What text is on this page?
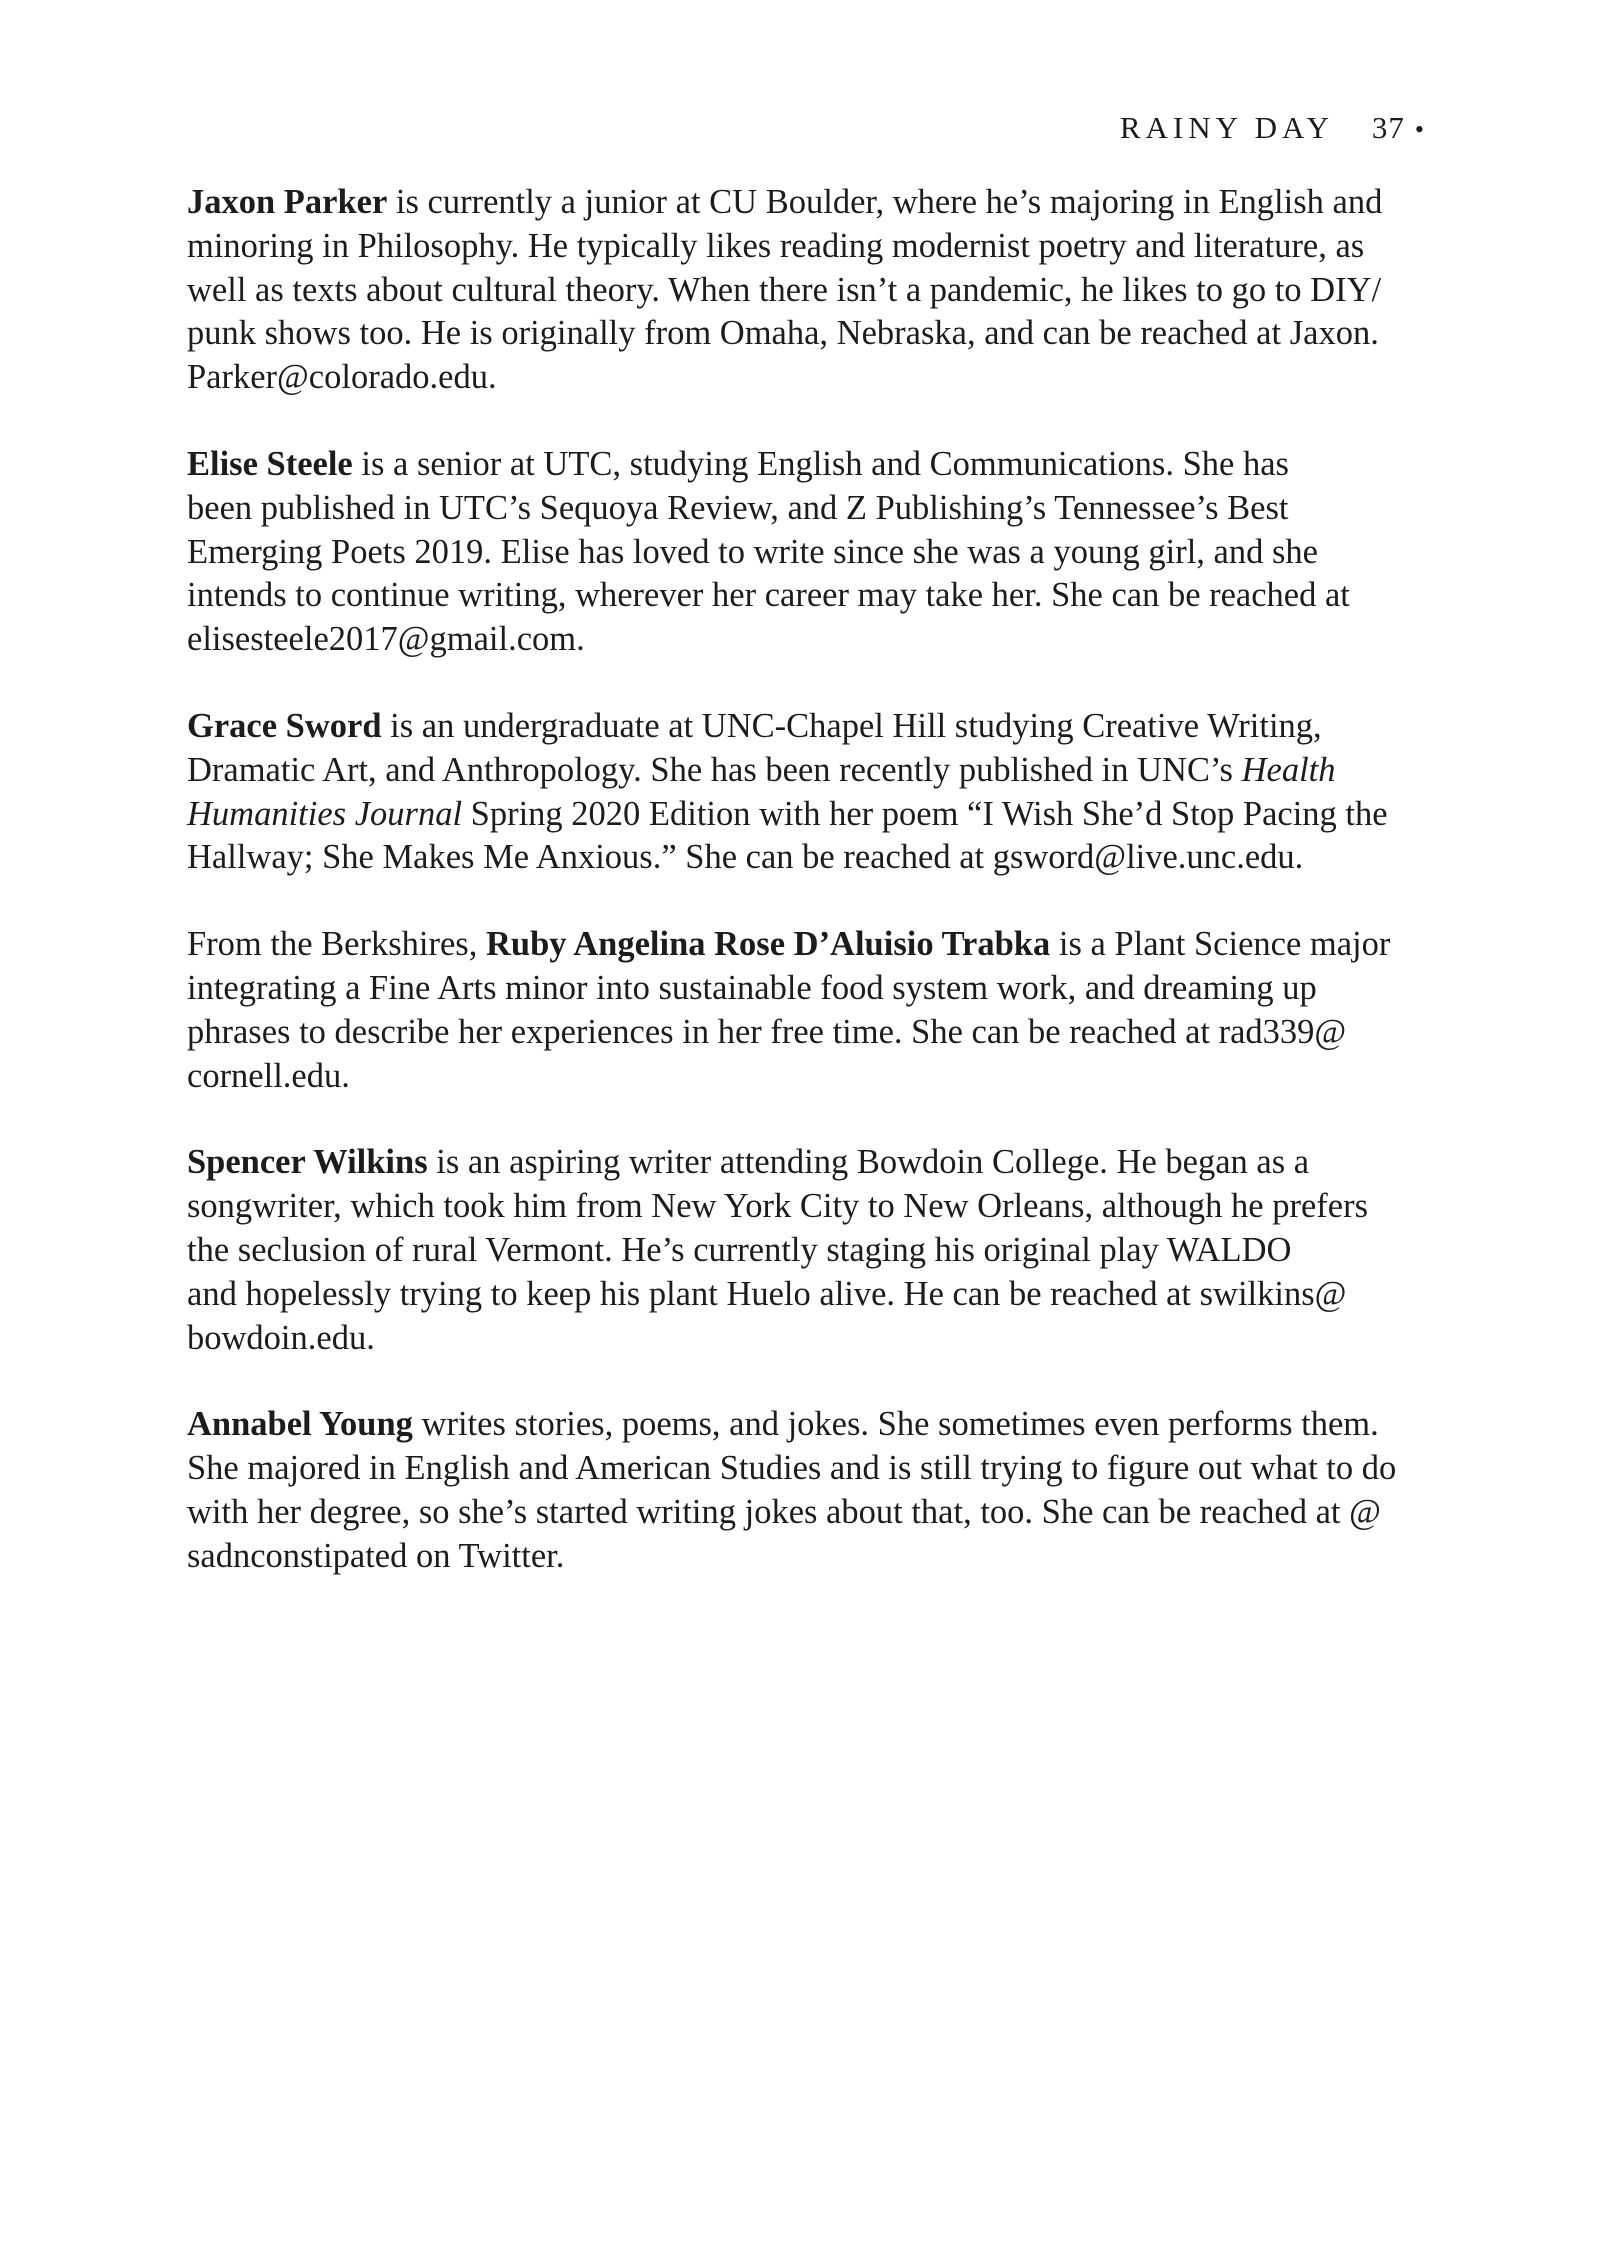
RAINY DAY 37 •
Jaxon Parker is currently a junior at CU Boulder, where he’s majoring in English and
minoring in Philosophy. He typically likes reading modernist poetry and literature, as
well as texts about cultural theory. When there isn’t a pandemic, he likes to go to DIY/
punk shows too. He is originally from Omaha, Nebraska, and can be reached at Jaxon.
Parker@colorado.edu.
Elise Steele is a senior at UTC, studying English and Communications. She has
been published in UTC’s Sequoya Review, and Z Publishing’s Tennessee’s Best
Emerging Poets 2019. Elise has loved to write since she was a young girl, and she
intends to continue writing, wherever her career may take her. She can be reached at
elisesteele2017@gmail.com.
Grace Sword is an undergraduate at UNC-Chapel Hill studying Creative Writing,
Dramatic Art, and Anthropology. She has been recently published in UNC’s Health
Humanities Journal Spring 2020 Edition with her poem “I Wish She’d Stop Pacing the
Hallway; She Makes Me Anxious.” She can be reached at gsword@live.unc.edu.
From the Berkshires, Ruby Angelina Rose D’Aluisio Trabka is a Plant Science major
integrating a Fine Arts minor into sustainable food system work, and dreaming up
phrases to describe her experiences in her free time. She can be reached at rad339@
cornell.edu.
Spencer Wilkins is an aspiring writer attending Bowdoin College. He began as a
songwriter, which took him from New York City to New Orleans, although he prefers
the seclusion of rural Vermont. He’s currently staging his original play WALDO
and hopelessly trying to keep his plant Huelo alive. He can be reached at swilkins@
bowdoin.edu.
Annabel Young writes stories, poems, and jokes. She sometimes even performs them.
She majored in English and American Studies and is still trying to figure out what to do
with her degree, so she’s started writing jokes about that, too. She can be reached at @
sadnconstipated on Twitter.
